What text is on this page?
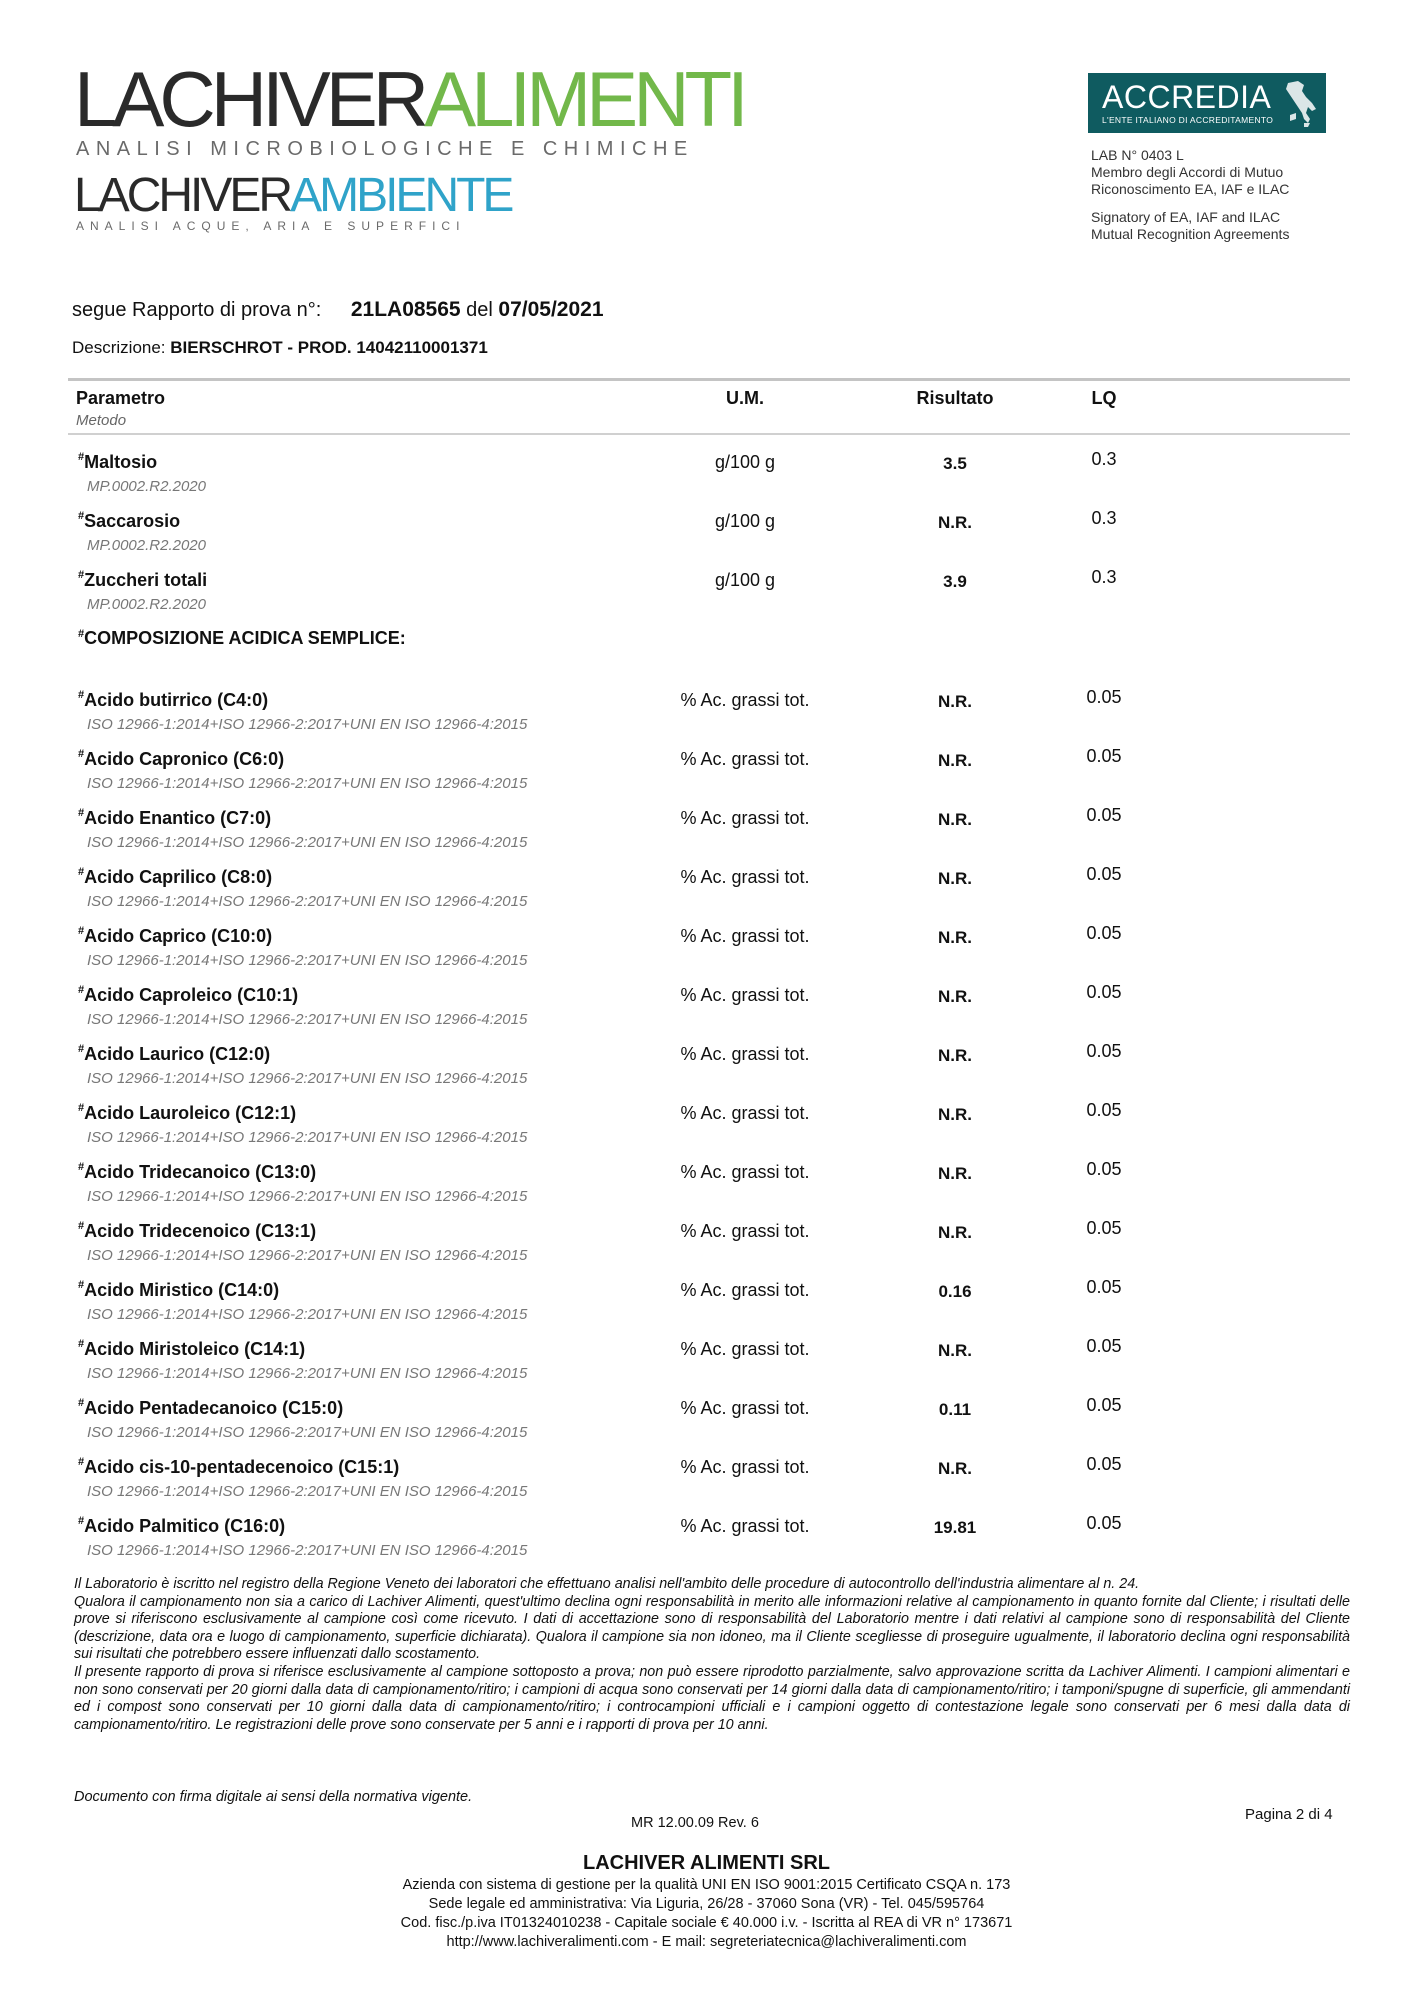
LACHIVERALIMENTI
ANALISI MICROBIOLOGICHE E CHIMICHE
LACHIVERAMBIENTE
ANALISI ACQUE, ARIA E SUPERFICI
ACCREDIA
L'ENTE ITALIANO DI ACCREDITAMENTO
LAB N° 0403 L
Membro degli Accordi di Mutuo
Riconoscimento EA, IAF e ILAC
Signatory of EA, IAF and ILAC
Mutual Recognition Agreements
segue Rapporto di prova n°: 21LA08565 del 07/05/2021
Descrizione: BIERSCHROT - PROD. 14042110001371
Parametro
Metodo
U.M.	Risultato	LQ
#Maltosio
MP.0002.R2.2020
g/100 g	3.5	0.3
#Saccarosio
MP.0002.R2.2020
g/100 g	N.R.	0.3
#Zuccheri totali
MP.0002.R2.2020
g/100 g	3.9	0.3
#COMPOSIZIONE ACIDICA SEMPLICE:
#Acido butirrico (C4:0)
ISO 12966-1:2014+ISO 12966-2:2017+UNI EN ISO 12966-4:2015
% Ac. grassi tot.	N.R.	0.05
#Acido Capronico (C6:0)
ISO 12966-1:2014+ISO 12966-2:2017+UNI EN ISO 12966-4:2015
% Ac. grassi tot.	N.R.	0.05
#Acido Enantico (C7:0)
ISO 12966-1:2014+ISO 12966-2:2017+UNI EN ISO 12966-4:2015
% Ac. grassi tot.	N.R.	0.05
#Acido Caprilico (C8:0)
ISO 12966-1:2014+ISO 12966-2:2017+UNI EN ISO 12966-4:2015
% Ac. grassi tot.	N.R.	0.05
#Acido Caprico (C10:0)
ISO 12966-1:2014+ISO 12966-2:2017+UNI EN ISO 12966-4:2015
% Ac. grassi tot.	N.R.	0.05
#Acido Caproleico (C10:1)
ISO 12966-1:2014+ISO 12966-2:2017+UNI EN ISO 12966-4:2015
% Ac. grassi tot.	N.R.	0.05
#Acido Laurico (C12:0)
ISO 12966-1:2014+ISO 12966-2:2017+UNI EN ISO 12966-4:2015
% Ac. grassi tot.	N.R.	0.05
#Acido Lauroleico (C12:1)
ISO 12966-1:2014+ISO 12966-2:2017+UNI EN ISO 12966-4:2015
% Ac. grassi tot.	N.R.	0.05
#Acido Tridecanoico (C13:0)
ISO 12966-1:2014+ISO 12966-2:2017+UNI EN ISO 12966-4:2015
% Ac. grassi tot.	N.R.	0.05
#Acido Tridecenoico (C13:1)
ISO 12966-1:2014+ISO 12966-2:2017+UNI EN ISO 12966-4:2015
% Ac. grassi tot.	N.R.	0.05
#Acido Miristico (C14:0)
ISO 12966-1:2014+ISO 12966-2:2017+UNI EN ISO 12966-4:2015
% Ac. grassi tot.	0.16	0.05
#Acido Miristoleico (C14:1)
ISO 12966-1:2014+ISO 12966-2:2017+UNI EN ISO 12966-4:2015
% Ac. grassi tot.	N.R.	0.05
#Acido Pentadecanoico (C15:0)
ISO 12966-1:2014+ISO 12966-2:2017+UNI EN ISO 12966-4:2015
% Ac. grassi tot.	0.11	0.05
#Acido cis-10-pentadecenoico (C15:1)
ISO 12966-1:2014+ISO 12966-2:2017+UNI EN ISO 12966-4:2015
% Ac. grassi tot.	N.R.	0.05
#Acido Palmitico (C16:0)
ISO 12966-1:2014+ISO 12966-2:2017+UNI EN ISO 12966-4:2015
% Ac. grassi tot.	19.81	0.05

Il Laboratorio è iscritto nel registro della Regione Veneto dei laboratori che effettuano analisi nell'ambito delle procedure di autocontrollo dell'industria alimentare al n. 24.

Qualora il campionamento non sia a carico di Lachiver Alimenti, quest'ultimo declina ogni responsabilità in merito alle informazioni relative al campionamento in quanto fornite dal Cliente; i risultati delle prove si riferiscono esclusivamente al campione così come ricevuto. I dati di accettazione sono di responsabilità del Laboratorio mentre i dati relativi al campione sono di responsabilità del Cliente (descrizione, data ora e luogo di campionamento, superficie dichiarata). Qualora il campione sia non idoneo, ma il Cliente scegliesse di proseguire ugualmente, il laboratorio declina ogni responsabilità sui risultati che potrebbero essere influenzati dallo scostamento.

Il presente rapporto di prova si riferisce esclusivamente al campione sottoposto a prova; non può essere riprodotto parzialmente, salvo approvazione scritta da Lachiver Alimenti. I campioni alimentari e non sono conservati per 20 giorni dalla data di campionamento/ritiro; i campioni di acqua sono conservati per 14 giorni dalla data di campionamento/ritiro; i tamponi/spugne di superficie, gli ammendanti ed i compost sono conservati per 10 giorni dalla data di campionamento/ritiro; i controcampioni ufficiali e i campioni oggetto di contestazione legale sono conservati per 6 mesi dalla data di campionamento/ritiro. Le registrazioni delle prove sono conservate per 5 anni e i rapporti di prova per 10 anni.

Documento con firma digitale ai sensi della normativa vigente.
MR 12.00.09 Rev. 6	Pagina 2 di 4
LACHIVER ALIMENTI SRL
Azienda con sistema di gestione per la qualità UNI EN ISO 9001:2015 Certificato CSQA n. 173
Sede legale ed amministrativa: Via Liguria, 26/28 - 37060 Sona (VR) - Tel. 045/595764
Cod. fisc./p.iva IT01324010238 - Capitale sociale € 40.000 i.v. - Iscritta al REA di VR n° 173671
http://www.lachiveralimenti.com - E mail: segreteriatecnica@lachiveralimenti.com
